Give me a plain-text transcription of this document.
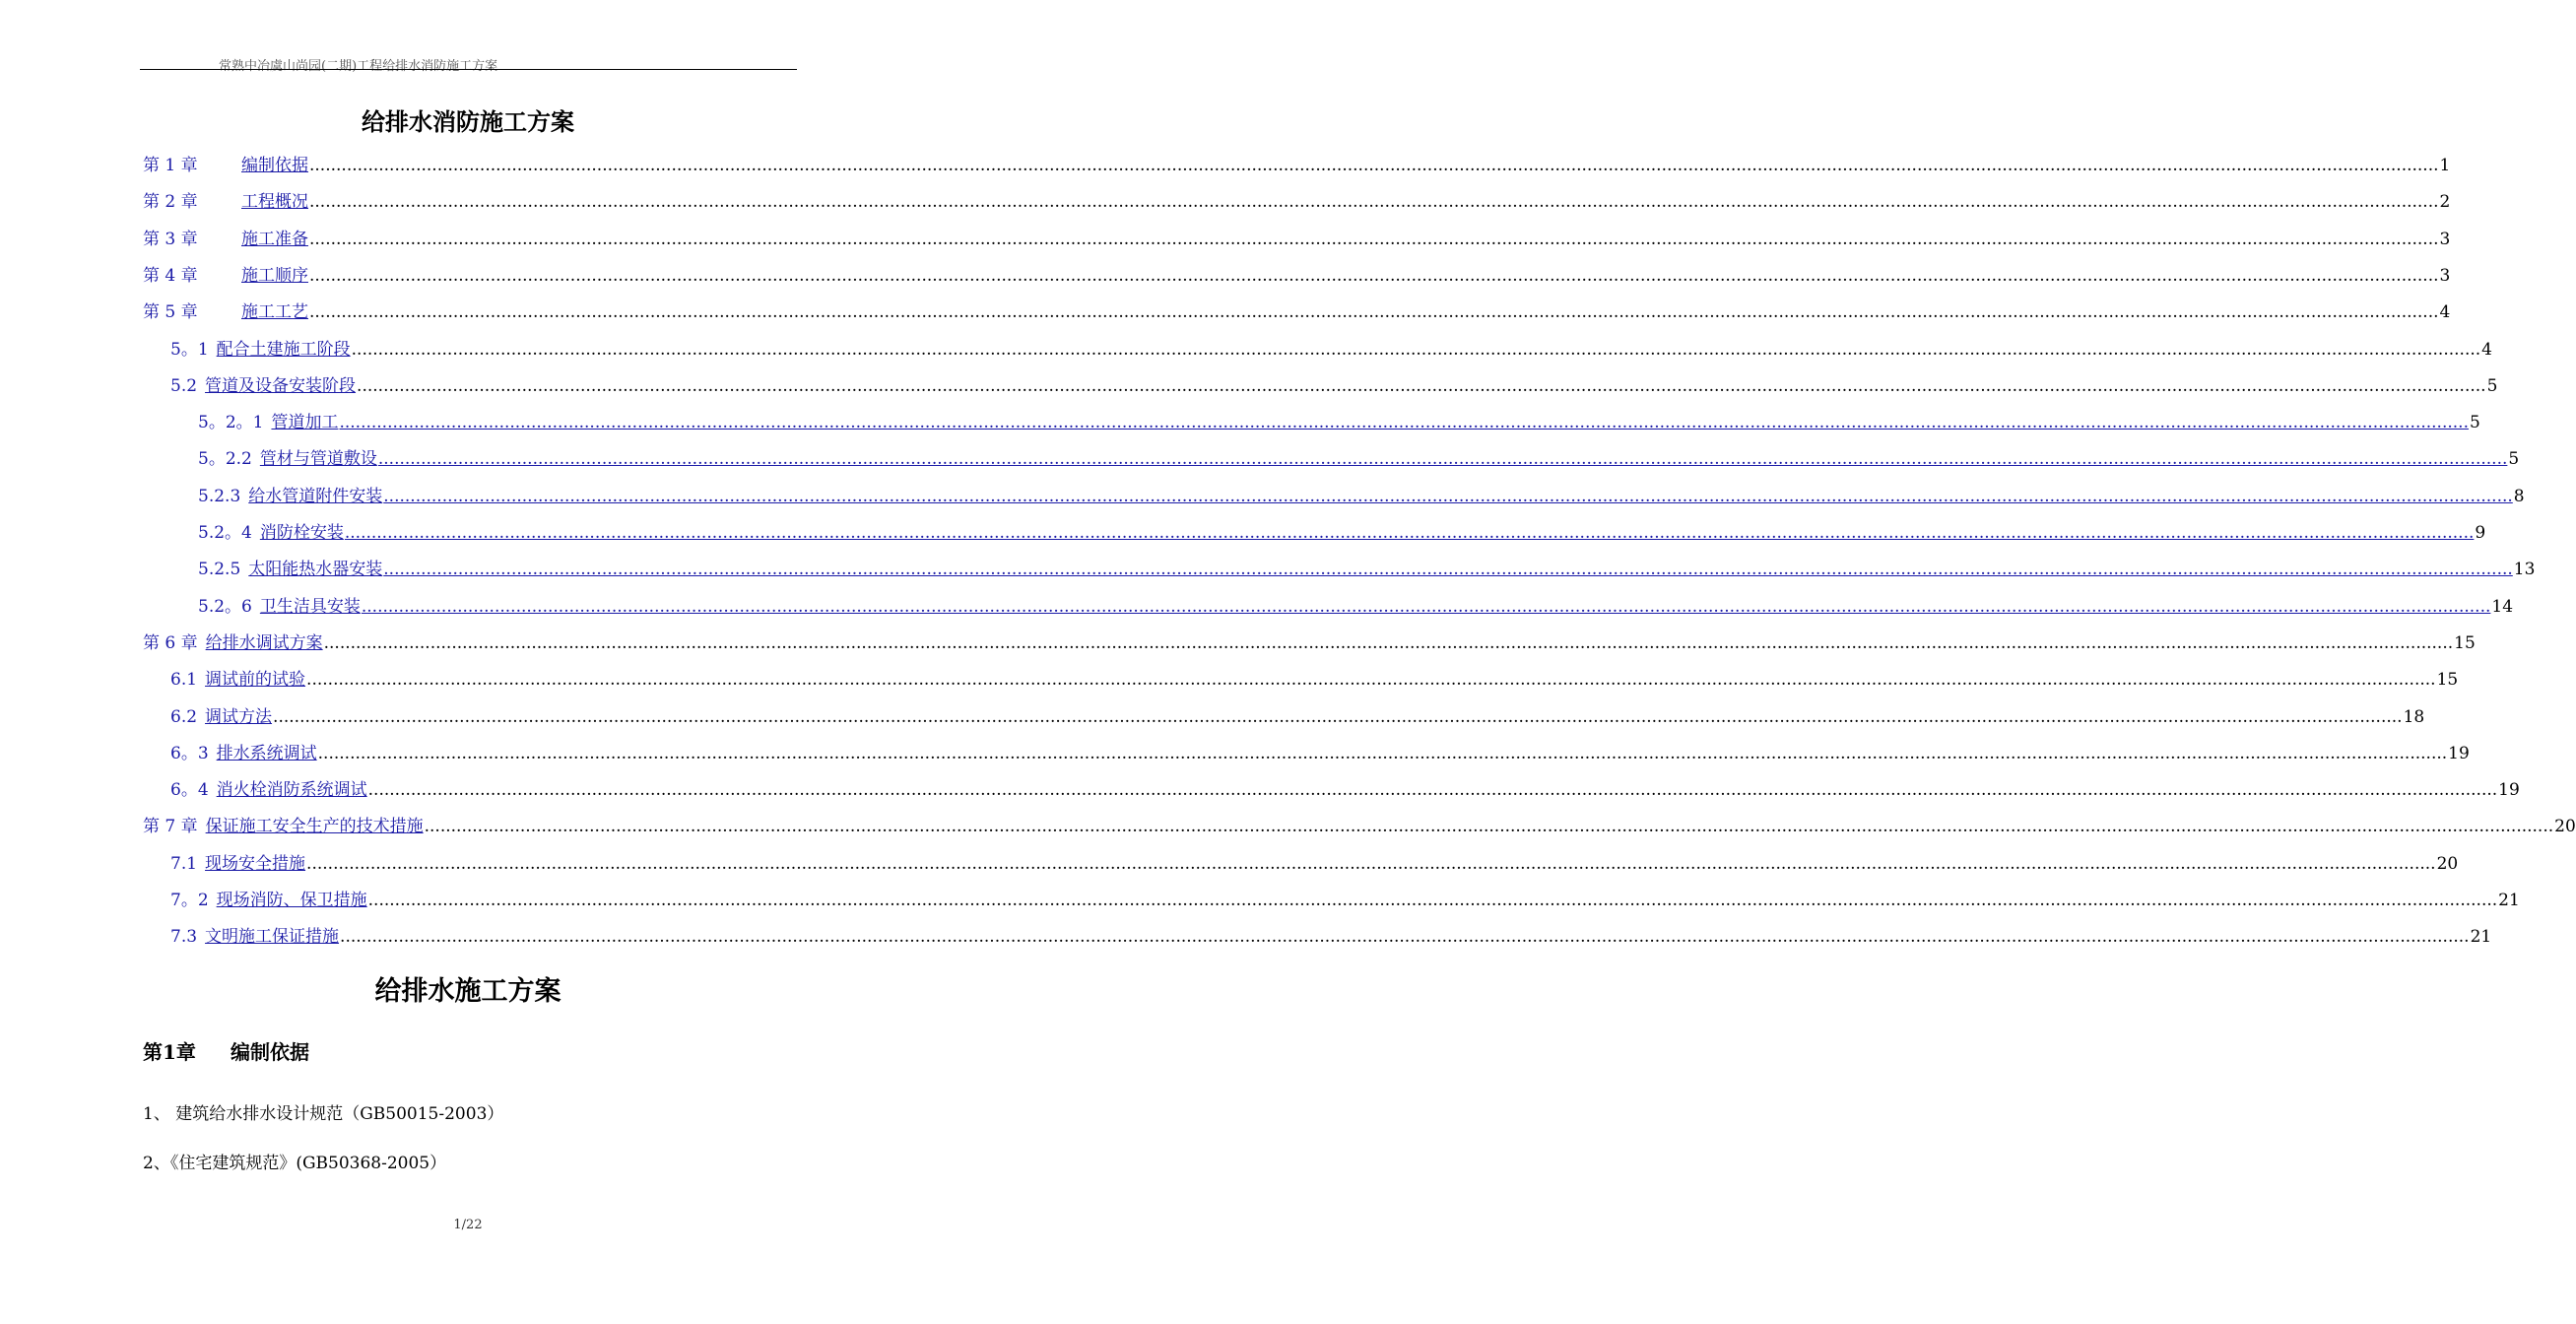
常熟中冶虞山尚园(二期)工程给排水消防施工方案
给排水消防施工方案
第 1 章	编制依据 ................................................................................................................................................................................................................................................................................................................................................................................................................ 1
第 2 章	工程概况 ................................................................................................................................................................................................................................................................................................................................................................................................................ 2
第 3 章	施工准备 ................................................................................................................................................................................................................................................................................................................................................................................................................ 3
第 4 章	施工顺序 ................................................................................................................................................................................................................................................................................................................................................................................................................ 3
第 5 章	施工工艺 ................................................................................................................................................................................................................................................................................................................................................................................................................ 4
5。1 配合土建施工阶段 ................................................................................................................................................................................................................................................................................................................................................................................................................ 4
5.2 管道及设备安装阶段 ................................................................................................................................................................................................................................................................................................................................................................................................................ 5
5。2。1 管道加工 ................................................................................................................................................................................................................................................................................................................................................................................................................ 5
5。2.2 管材与管道敷设 ................................................................................................................................................................................................................................................................................................................................................................................................................ 5
5.2.3 给水管道附件安装 ................................................................................................................................................................................................................................................................................................................................................................................................................ 8
5.2。4 消防栓安装 ................................................................................................................................................................................................................................................................................................................................................................................................................ 9
5.2.5 太阳能热水器安装 ................................................................................................................................................................................................................................................................................................................................................................................................................ 13
5.2。6 卫生洁具安装 ................................................................................................................................................................................................................................................................................................................................................................................................................ 14
第 6 章 给排水调试方案 ................................................................................................................................................................................................................................................................................................................................................................................................................ 15
6.1 调试前的试验 ................................................................................................................................................................................................................................................................................................................................................................................................................ 15
6.2 调试方法 ................................................................................................................................................................................................................................................................................................................................................................................................................ 18
6。3 排水系统调试 ................................................................................................................................................................................................................................................................................................................................................................................................................ 19
6。4 消火栓消防系统调试 ................................................................................................................................................................................................................................................................................................................................................................................................................ 19
第 7 章 保证施工安全生产的技术措施 ................................................................................................................................................................................................................................................................................................................................................................................................................ 20
7.1 现场安全措施 ................................................................................................................................................................................................................................................................................................................................................................................................................ 20
7。2 现场消防、保卫措施 ................................................................................................................................................................................................................................................................................................................................................................................................................ 21
7.3 文明施工保证措施 ................................................................................................................................................................................................................................................................................................................................................................................................................ 21
给排水施工方案
第1章 编制依据
1、 建筑给水排水设计规范（GB50015-2003）
2、《住宅建筑规范》(GB50368-2005）
1/22
